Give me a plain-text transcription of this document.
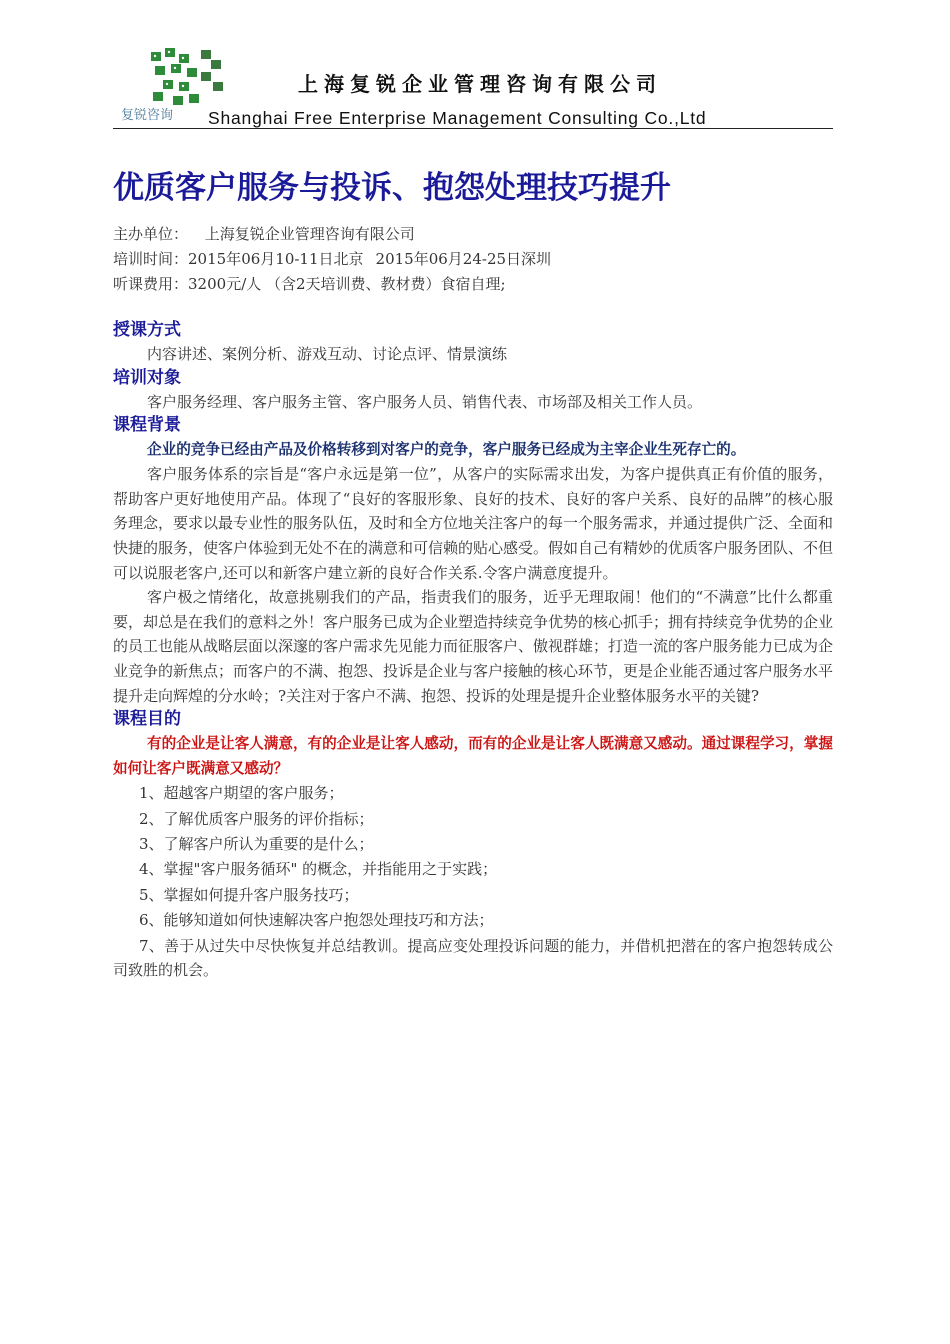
复锐咨询
上海复锐企业管理咨询有限公司
Shanghai Free Enterprise Management Consulting Co.,Ltd
优质客户服务与投诉、抱怨处理技巧提升

主办单位： 上海复锐企业管理咨询有限公司

培训时间：2015年06月10-11日北京 2015年06月24-25日深圳

听课费用：3200元/人 （含2天培训费、教材费）食宿自理;

授课方式

内容讲述、案例分析、游戏互动、讨论点评、情景演练

培训对象

客户服务经理、客户服务主管、客户服务人员、销售代表、市场部及相关工作人员。

课程背景

企业的竞争已经由产品及价格转移到对客户的竞争，客户服务已经成为主宰企业生死存亡的。

客户服务体系的宗旨是“客户永远是第一位”，从客户的实际需求出发，为客户提供真正有价值的服务，帮助客户更好地使用产品。体现了“良好的客服形象、良好的技术、良好的客户关系、良好的品牌”的核心服务理念，要求以最专业性的服务队伍，及时和全方位地关注客户的每一个服务需求，并通过提供广泛、全面和快捷的服务，使客户体验到无处不在的满意和可信赖的贴心感受。假如自己有精妙的优质客户服务团队、不但可以说服老客户,还可以和新客户建立新的良好合作关系.令客户满意度提升。

客户极之情绪化，故意挑剔我们的产品，指责我们的服务，近乎无理取闹！他们的“不满意”比什么都重要，却总是在我们的意料之外！客户服务已成为企业塑造持续竞争优势的核心抓手；拥有持续竞争优势的企业的员工也能从战略层面以深邃的客户需求先见能力而征服客户、傲视群雄；打造一流的客户服务能力已成为企业竞争的新焦点；而客户的不满、抱怨、投诉是企业与客户接触的核心环节，更是企业能否通过客户服务水平提升走向辉煌的分水岭；?关注对于客户不满、抱怨、投诉的处理是提升企业整体服务水平的关键?

课程目的

有的企业是让客人满意，有的企业是让客人感动，而有的企业是让客人既满意又感动。通过课程学习，掌握如何让客户既满意又感动？

1、超越客户期望的客户服务；

2、了解优质客户服务的评价指标；

3、了解客户所认为重要的是什么；

4、掌握"客户服务循环" 的概念，并指能用之于实践；

5、掌握如何提升客户服务技巧；

6、能够知道如何快速解决客户抱怨处理技巧和方法；

7、善于从过失中尽快恢复并总结教训。提高应变处理投诉问题的能力，并借机把潜在的客户抱怨转成公司致胜的机会。
